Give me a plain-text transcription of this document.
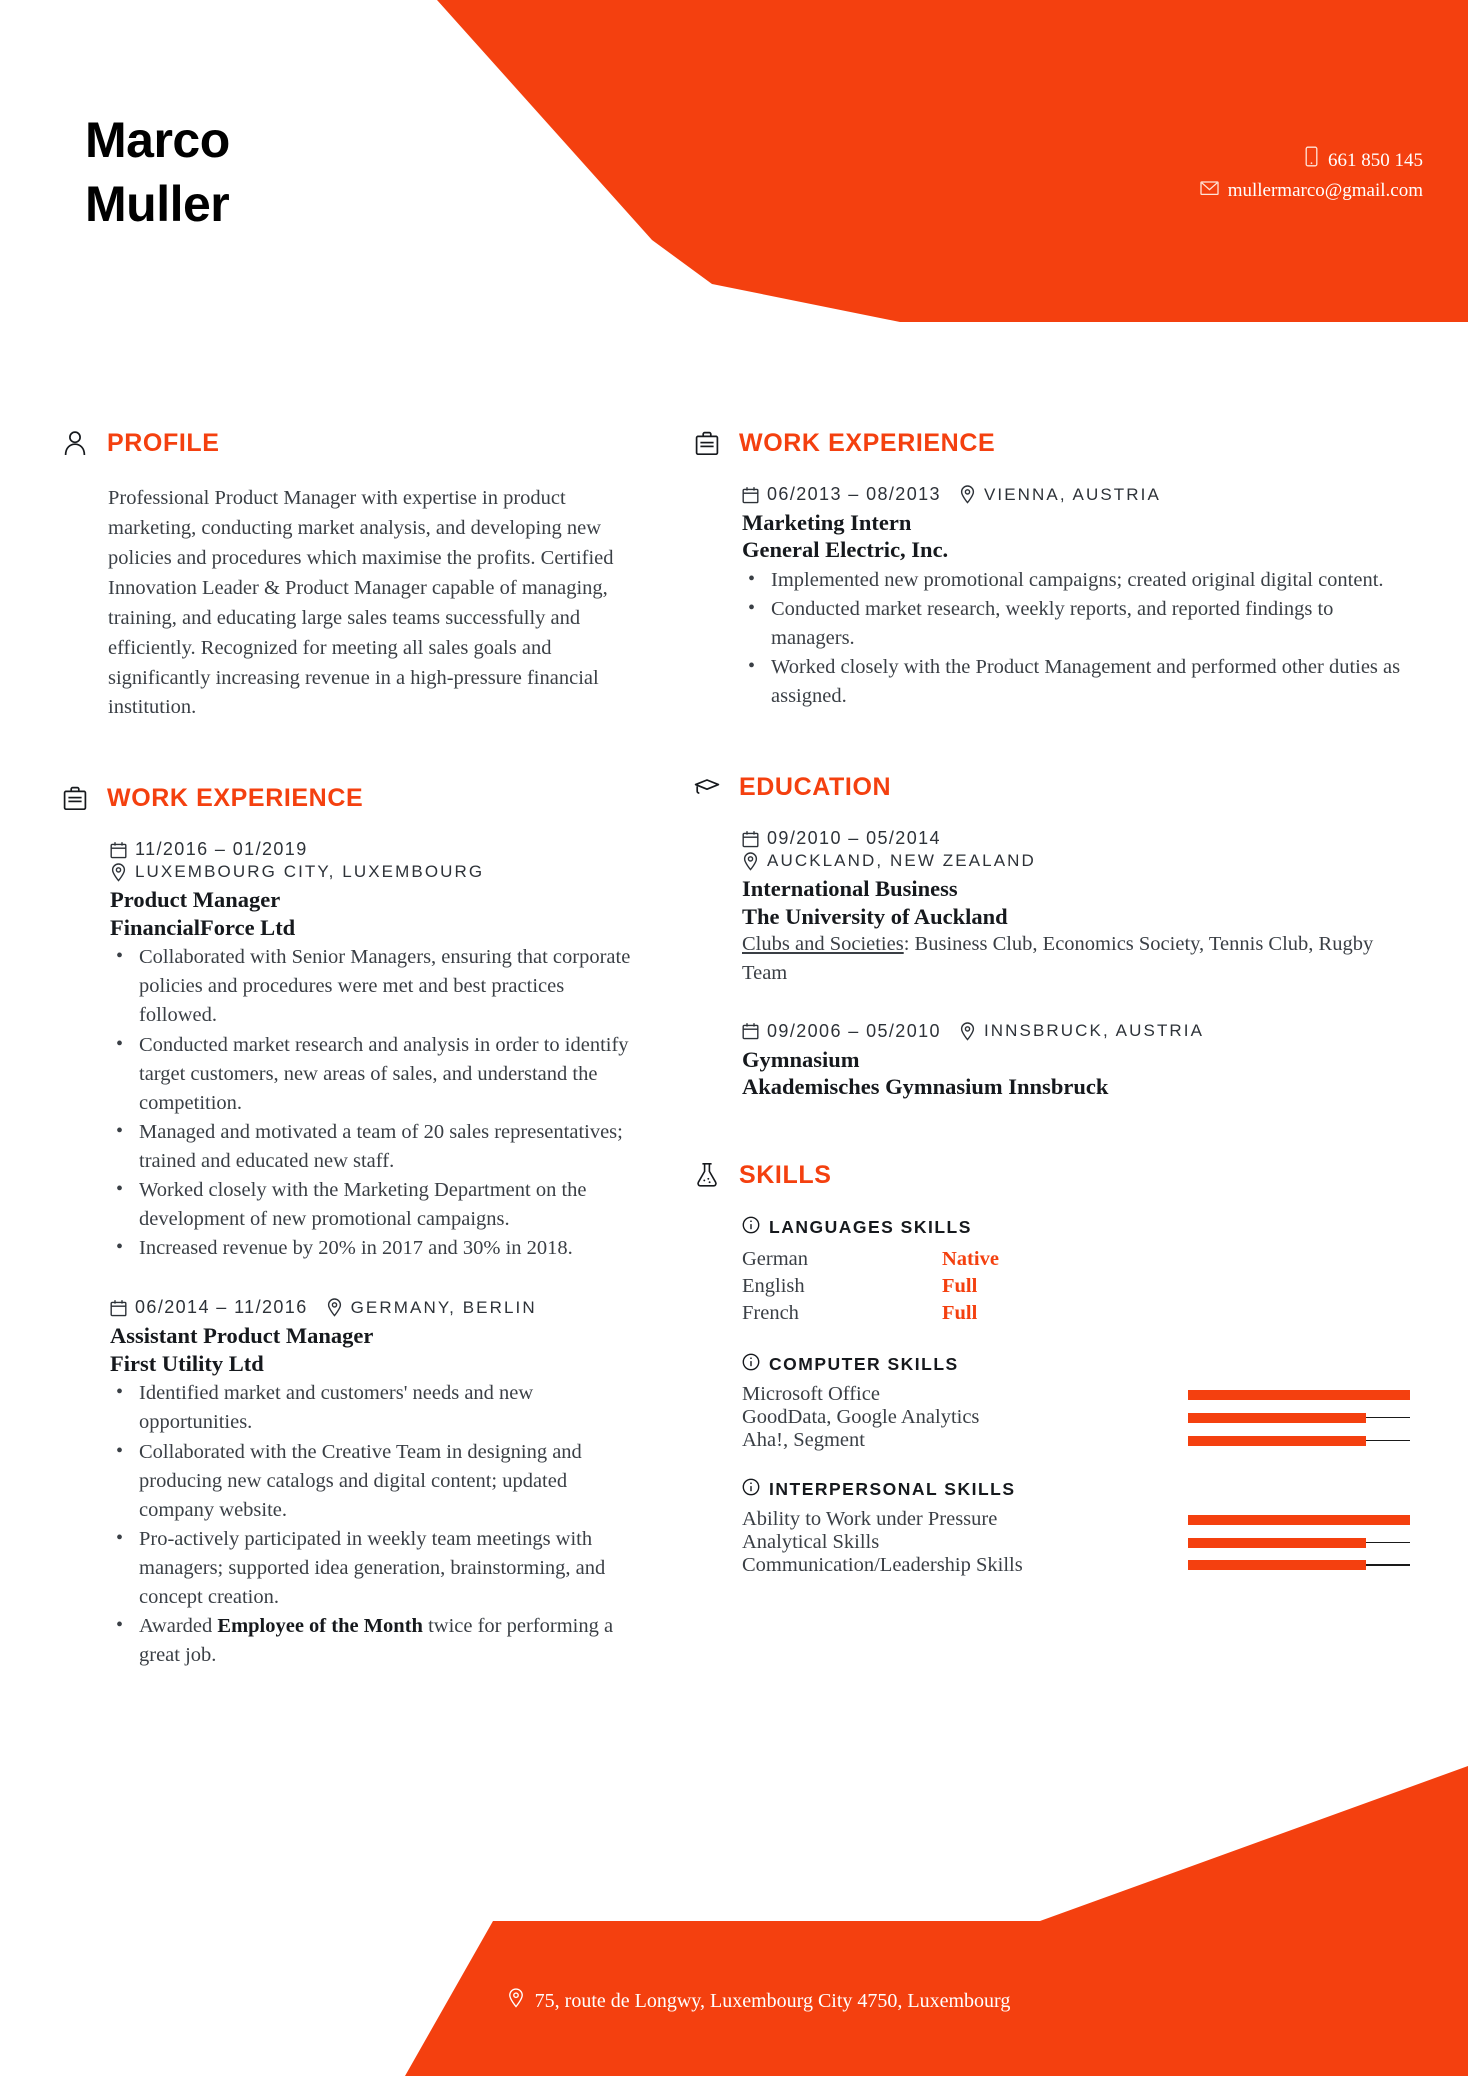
Marco
Muller
661 850 145
mullermarco@gmail.com
PROFILE
Professional Product Manager with expertise in product marketing, conducting market analysis, and developing new policies and procedures which maximise the profits. Certified Innovation Leader & Product Manager capable of managing, training, and educating large sales teams successfully and efficiently. Recognized for meeting all sales goals and significantly increasing revenue in a high-pressure financial institution.
WORK EXPERIENCE
11/2016 – 01/2019
LUXEMBOURG CITY, LUXEMBOURG
Product Manager
FinancialForce Ltd
• Collaborated with Senior Managers, ensuring that corporate policies and procedures were met and best practices followed.
• Conducted market research and analysis in order to identify target customers, new areas of sales, and understand the competition.
• Managed and motivated a team of 20 sales representatives; trained and educated new staff.
• Worked closely with the Marketing Department on the development of new promotional campaigns.
• Increased revenue by 20% in 2017 and 30% in 2018.
06/2014 – 11/2016	GERMANY, BERLIN
Assistant Product Manager
First Utility Ltd
• Identified market and customers' needs and new opportunities.
• Collaborated with the Creative Team in designing and producing new catalogs and digital content; updated company website.
• Pro-actively participated in weekly team meetings with managers; supported idea generation, brainstorming, and concept creation.
• Awarded Employee of the Month twice for performing a great job.
WORK EXPERIENCE
06/2013 – 08/2013	VIENNA, AUSTRIA
Marketing Intern
General Electric, Inc.
• Implemented new promotional campaigns; created original digital content.
• Conducted market research, weekly reports, and reported findings to managers.
• Worked closely with the Product Management and performed other duties as assigned.
EDUCATION
09/2010 – 05/2014
AUCKLAND, NEW ZEALAND
International Business
The University of Auckland
Clubs and Societies: Business Club, Economics Society, Tennis Club, Rugby Team
09/2006 – 05/2010	INNSBRUCK, AUSTRIA
Gymnasium
Akademisches Gymnasium Innsbruck
SKILLS
LANGUAGES SKILLS
German	Native
English	Full
French	Full
COMPUTER SKILLS
Microsoft Office
GoodData, Google Analytics
Aha!, Segment
INTERPERSONAL SKILLS
Ability to Work under Pressure
Analytical Skills
Communication/Leadership Skills
75, route de Longwy, Luxembourg City 4750, Luxembourg
